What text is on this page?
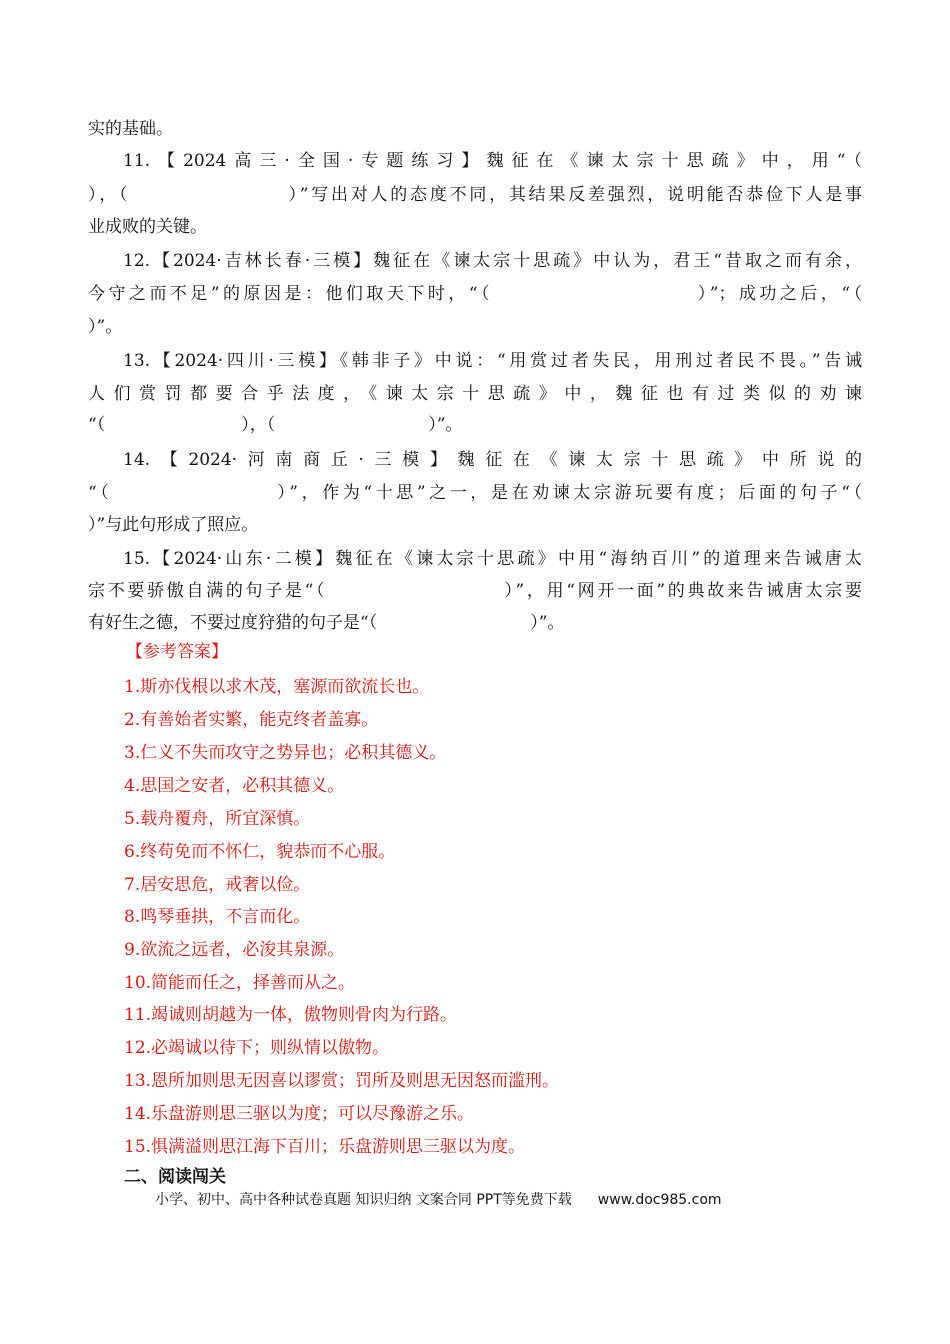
实的基础。
11.【2024高三·全国·专题练习】魏征在《谏太宗十思疏》中，用“（
），（　　　　　　　　）”写出对人的态度不同，其结果反差强烈，说明能否恭俭下人是事
业成败的关键。
12.【2024·吉林长春·三模】魏征在《谏太宗十思疏》中认为，君王“昔取之而有余，
今守之而不足”的原因是：他们取天下时，“（　　　　　　　　　　）”；成功之后，“（
）”。
13.【2024·四川·三模】《韩非子》中说：“用赏过者失民，用刑过者民不畏。”告诫
人们赏罚都要合乎法度，《谏太宗十思疏》中，魏征也有过类似的劝谏
“（　　　　　　　　），（　　　　　　　　　）”。
14.【2024·河南商丘·三模】魏征在《谏太宗十思疏》中所说的
“（　　　　　　　　）”，作为“十思”之一，是在劝谏太宗游玩要有度；后面的句子“（
）”与此句形成了照应。
15.【2024·山东·二模】魏征在《谏太宗十思疏》中用“海纳百川”的道理来告诫唐太
宗不要骄傲自满的句子是“（　　　　　　　　　）”，用“网开一面”的典故来告诫唐太宗要
有好生之德，不要过度狩猎的句子是“（　　　　　　　　　）”。
【参考答案】
1.斯亦伐根以求木茂，塞源而欲流长也。
2.有善始者实繁，能克终者盖寡。
3.仁义不失而攻守之势异也；必积其德义。
4.思国之安者，必积其德义。
5.载舟覆舟，所宜深慎。
6.终苟免而不怀仁，貌恭而不心服。
7.居安思危，戒奢以俭。
8.鸣琴垂拱，不言而化。
9.欲流之远者，必浚其泉源。
10.简能而任之，择善而从之。
11.竭诚则胡越为一体，傲物则骨肉为行路。
12.必竭诚以待下；则纵情以傲物。
13.恩所加则思无因喜以谬赏；罚所及则思无因怒而滥刑。
14.乐盘游则思三驱以为度；可以尽豫游之乐。
15.惧满溢则思江海下百川；乐盘游则思三驱以为度。
二、阅读闯关
小学、初中、高中各种试卷真题 知识归纳 文案合同 PPT等免费下载 www.doc985.com
